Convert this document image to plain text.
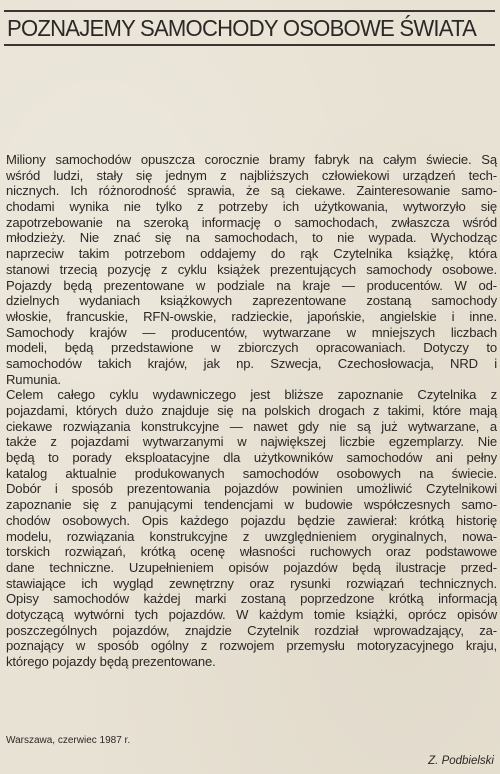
POZNAJEMY SAMOCHODY OSOBOWE ŚWIATA
Miliony samochodów opuszcza corocznie bramy fabryk na całym świecie. Są
wśród ludzi, stały się jednym z najbliższych człowiekowi urządzeń tech-
nicznych. Ich różnorodność sprawia, że są ciekawe. Zainteresowanie samo-
chodami wynika nie tylko z potrzeby ich użytkowania, wytworzyło się
zapotrzebowanie na szeroką informację o samochodach, zwłaszcza wśród
młodzieży. Nie znać się na samochodach, to nie wypada. Wychodząc
naprzeciw takim potrzebom oddajemy do rąk Czytelnika książkę, która
stanowi trzecią pozycję z cyklu książek prezentujących samochody osobowe.
Pojazdy będą prezentowane w podziale na kraje — producentów. W od-
dzielnych wydaniach książkowych zaprezentowane zostaną samochody
włoskie, francuskie, RFN-owskie, radzieckie, japońskie, angielskie i inne.
Samochody krajów — producentów, wytwarzane w mniejszych liczbach
modeli, będą przedstawione w zbiorczych opracowaniach. Dotyczy to
samochodów takich krajów, jak np. Szwecja, Czechosłowacja, NRD i
Rumunia.
Celem całego cyklu wydawniczego jest bliższe zapoznanie Czytelnika z
pojazdami, których dużo znajduje się na polskich drogach z takimi, które mają
ciekawe rozwiązania konstrukcyjne — nawet gdy nie są już wytwarzane, a
także z pojazdami wytwarzanymi w największej liczbie egzemplarzy. Nie
będą to porady eksploatacyjne dla użytkowników samochodów ani pełny
katalog aktualnie produkowanych samochodów osobowych na świecie.
Dobór i sposób prezentowania pojazdów powinien umożliwić Czytelnikowi
zapoznanie się z panującymi tendencjami w budowie współczesnych samo-
chodów osobowych. Opis każdego pojazdu będzie zawierał: krótką historię
modelu, rozwiązania konstrukcyjne z uwzględnieniem oryginalnych, nowa-
torskich rozwiązań, krótką ocenę własności ruchowych oraz podstawowe
dane techniczne. Uzupełnieniem opisów pojazdów będą ilustracje przed-
stawiające ich wygląd zewnętrzny oraz rysunki rozwiązań technicznych.
Opisy samochodów każdej marki zostaną poprzedzone krótką informacją
dotyczącą wytwórni tych pojazdów. W każdym tomie książki, oprócz opisów
poszczególnych pojazdów, znajdzie Czytelnik rozdział wprowadzający, za-
poznający w sposób ogólny z rozwojem przemysłu motoryzacyjnego kraju,
którego pojazdy będą prezentowane.
Warszawa, czerwiec 1987 r.
Z. Podbielski
